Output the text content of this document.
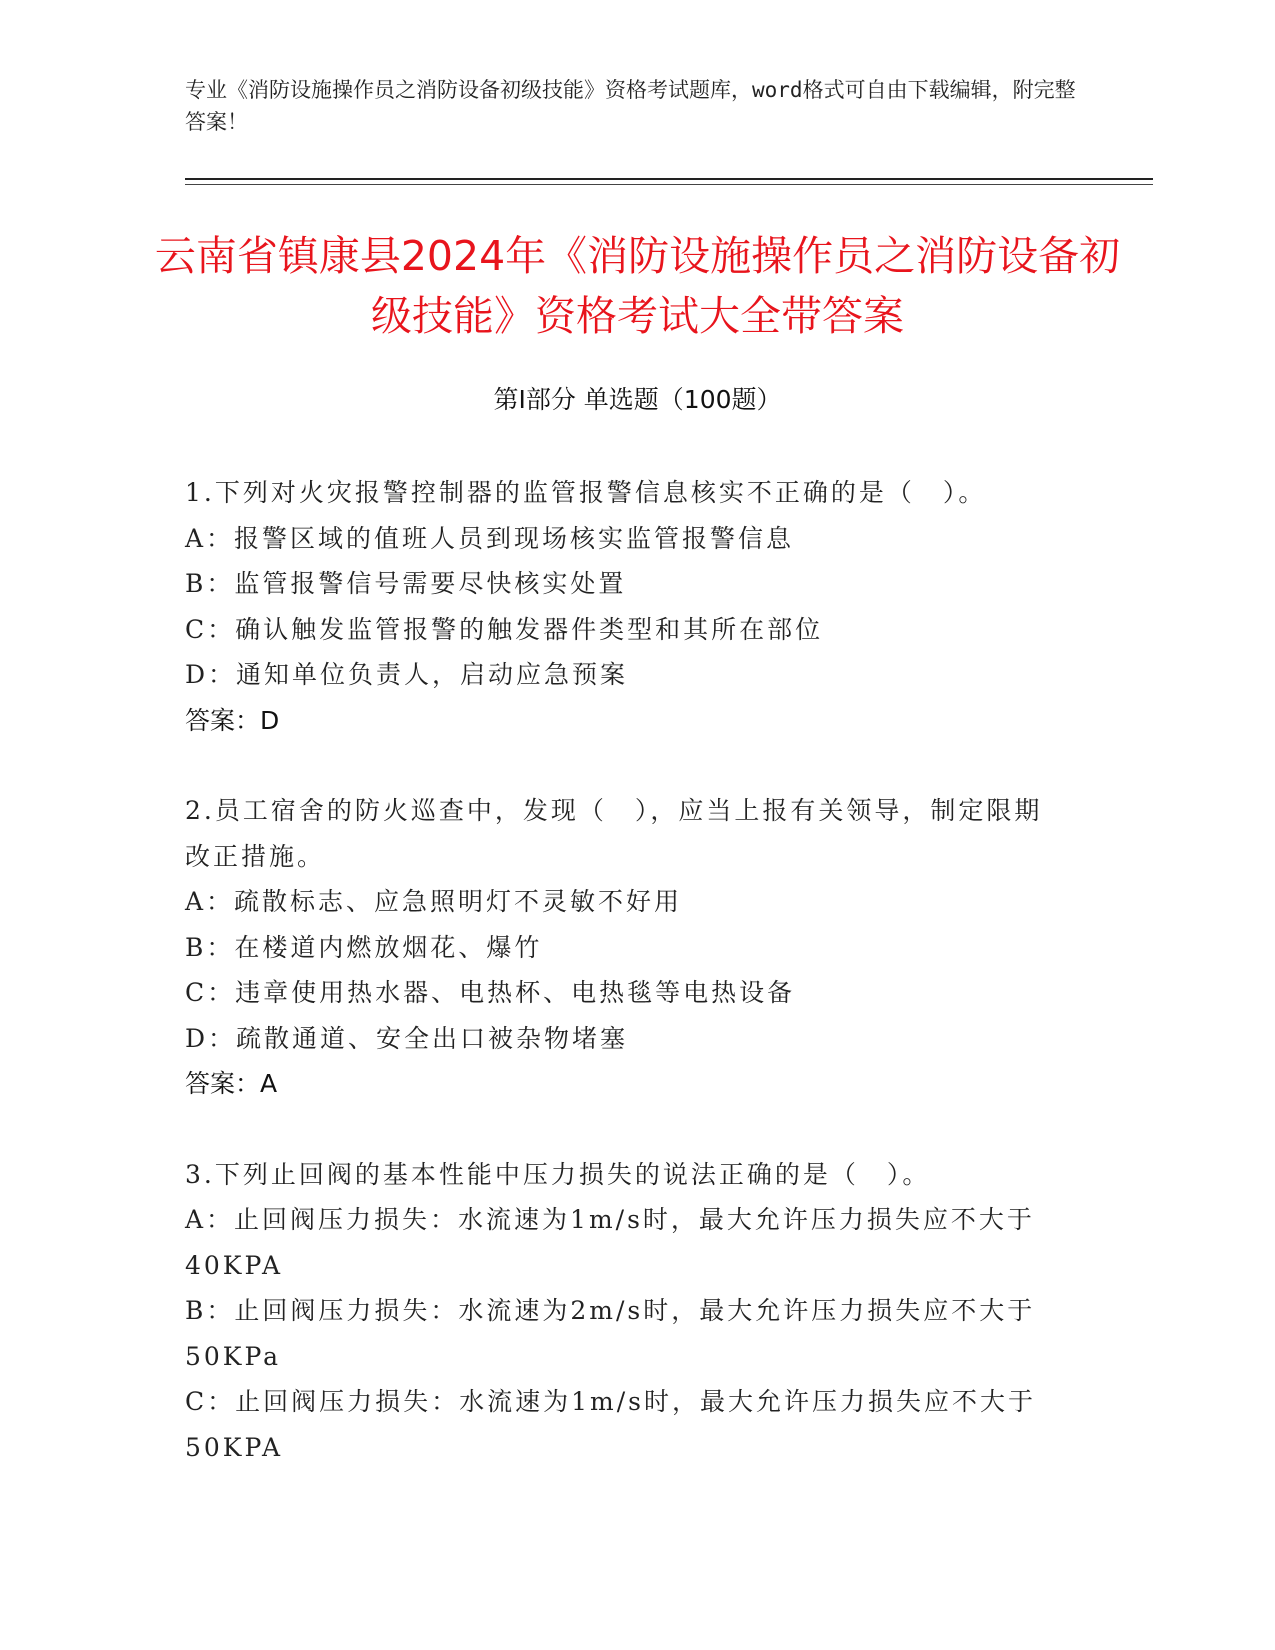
专业《消防设施操作员之消防设备初级技能》资格考试题库，word格式可自由下载编辑，附完整答案！
云南省镇康县2024年《消防设施操作员之消防设备初级技能》资格考试大全带答案
第Ⅰ部分 单选题（100题）
1.下列对火灾报警控制器的监管报警信息核实不正确的是（　）。
A：报警区域的值班人员到现场核实监管报警信息
B：监管报警信号需要尽快核实处置
C：确认触发监管报警的触发器件类型和其所在部位
D：通知单位负责人，启动应急预案
答案：D
2.员工宿舍的防火巡查中，发现（　），应当上报有关领导，制定限期改正措施。
A：疏散标志、应急照明灯不灵敏不好用
B：在楼道内燃放烟花、爆竹
C：违章使用热水器、电热杯、电热毯等电热设备
D：疏散通道、安全出口被杂物堵塞
答案：A
3.下列止回阀的基本性能中压力损失的说法正确的是（　）。
A：止回阀压力损失：水流速为1m/s时，最大允许压力损失应不大于40KPA
B：止回阀压力损失：水流速为2m/s时，最大允许压力损失应不大于50KPa
C：止回阀压力损失：水流速为1m/s时，最大允许压力损失应不大于50KPA
